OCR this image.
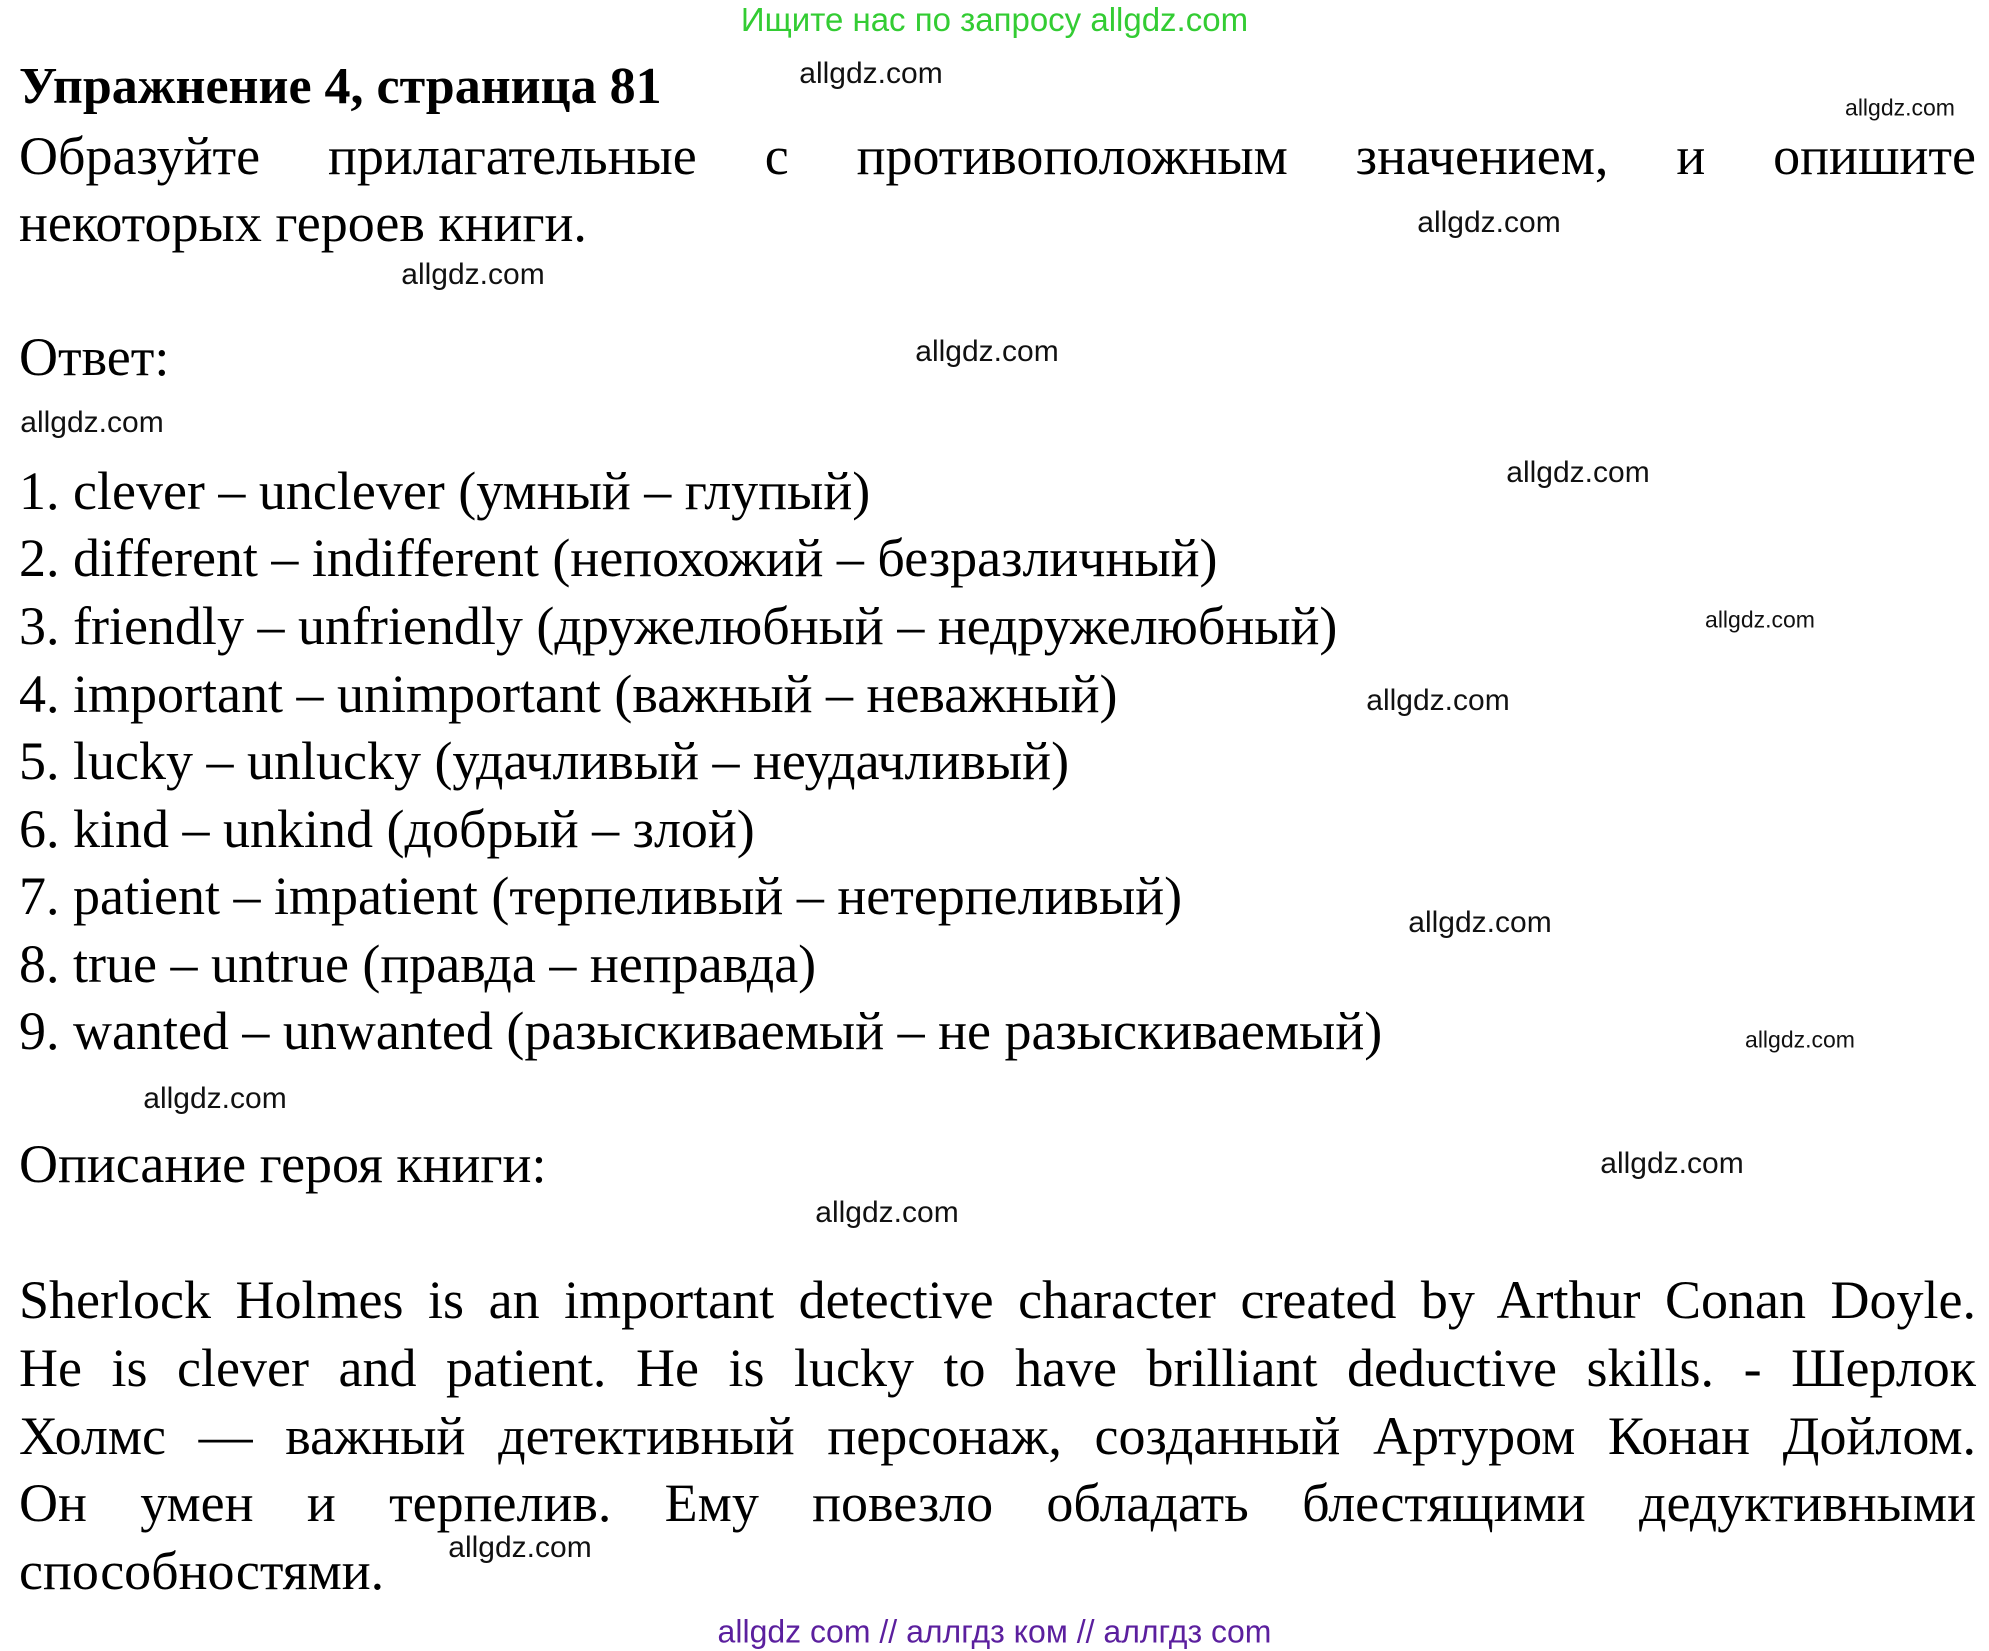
Ищите нас по запросу allgdz.com
Упражнение 4, страница 81
Образуйте прилагательные с противоположным значением, и опишите
некоторых героев книги.
Ответ:
1. clever – unclever (умный – глупый)
2. different – indifferent (непохожий – безразличный)
3. friendly – unfriendly (дружелюбный – недружелюбный)
4. important – unimportant (важный – неважный)
5. lucky – unlucky (удачливый – неудачливый)
6. kind – unkind (добрый – злой)
7. patient – impatient (терпеливый – нетерпеливый)
8. true – untrue (правда – неправда)
9. wanted – unwanted (разыскиваемый – не разыскиваемый)
Описание героя книги:
Sherlock Holmes is an important detective character created by Arthur Conan Doyle.
He is clever and patient. He is lucky to have brilliant deductive skills. - Шерлок
Холмс — важный детективный персонаж, созданный Артуром Конан Дойлом.
Он умен и терпелив. Ему повезло обладать блестящими дедуктивными
способностями.
allgdz.com
allgdz.com
allgdz.com
allgdz.com
allgdz.com
allgdz.com
allgdz.com
allgdz.com
allgdz.com
allgdz.com
allgdz.com
allgdz.com
allgdz.com
allgdz.com
allgdz.com
allgdz com // аллгдз ком // аллгдз com
